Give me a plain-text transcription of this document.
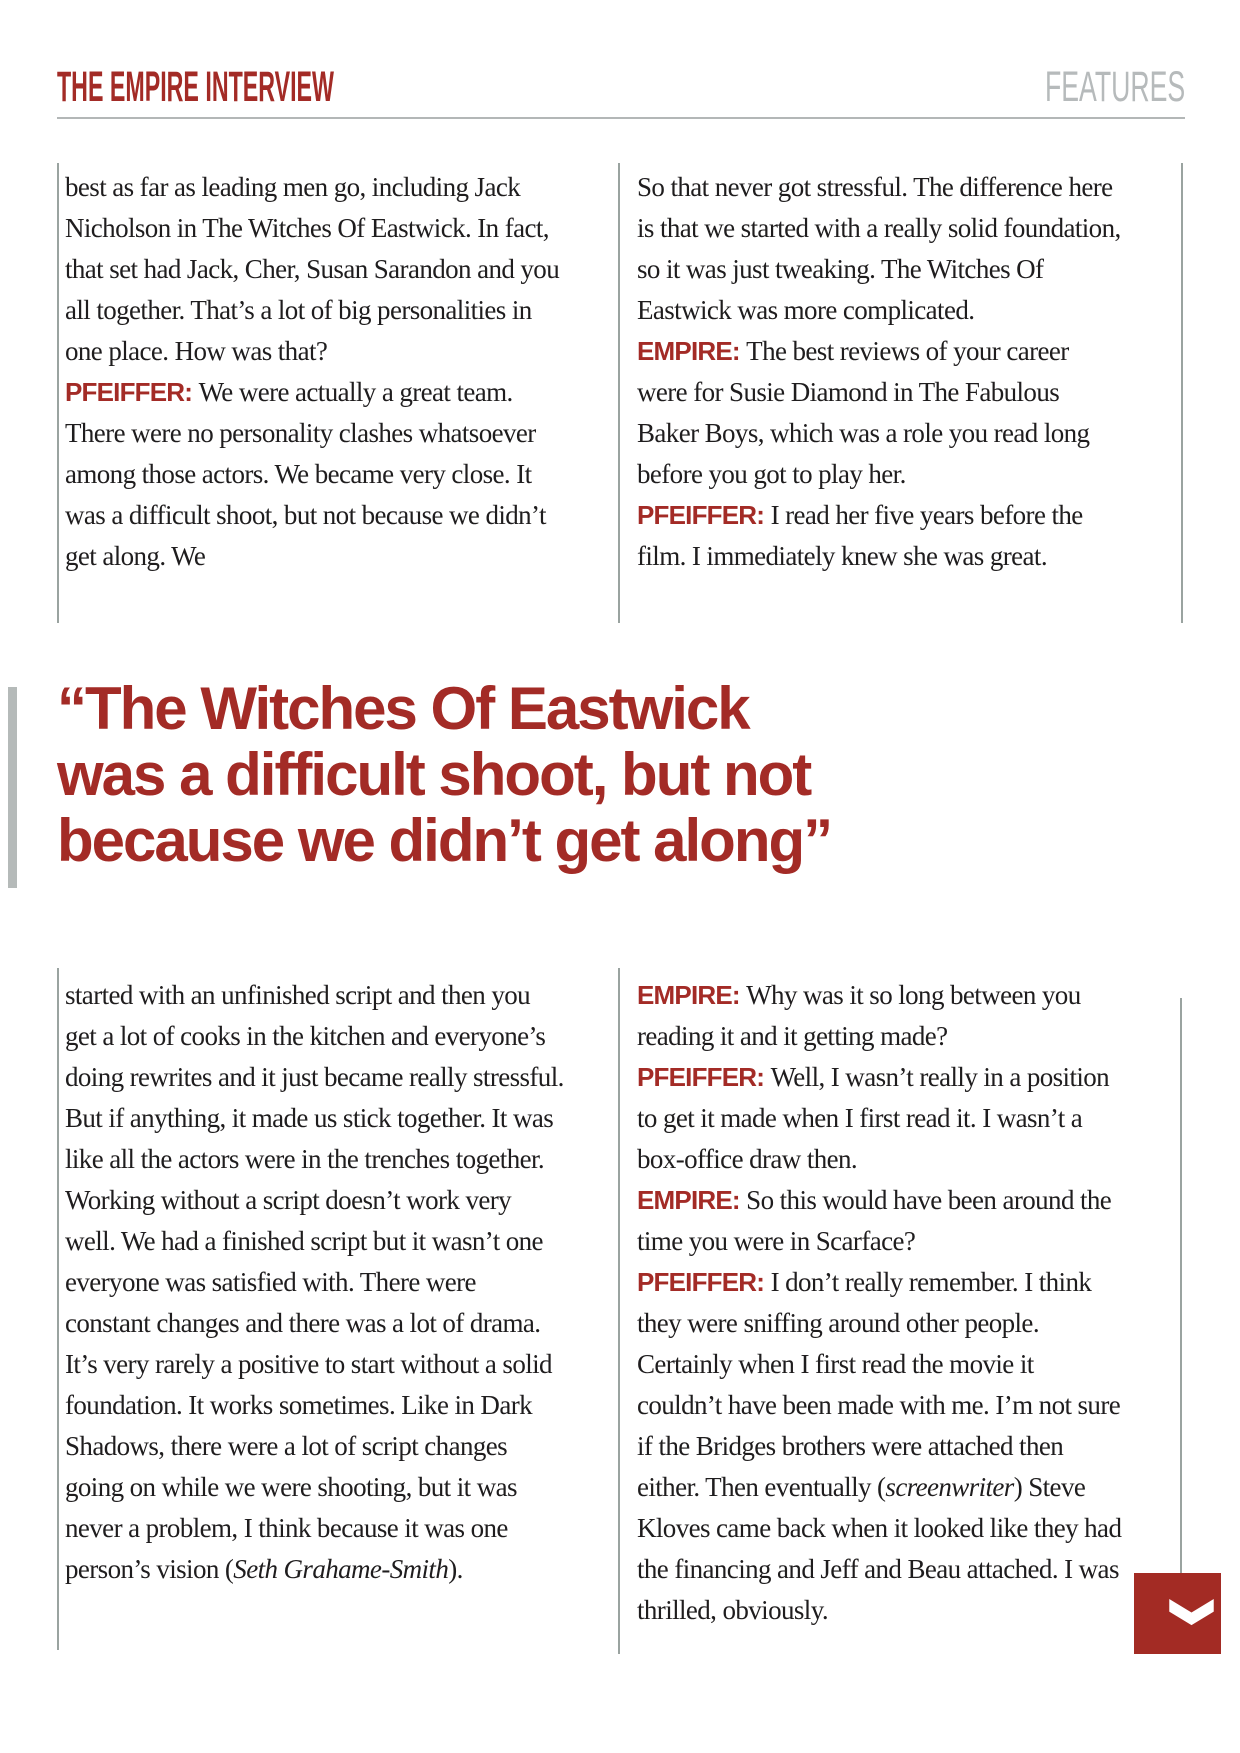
THE EMPIRE INTERVIEW	FEATURES

best as far as leading men go, including Jack Nicholson in The Witches Of Eastwick. In fact, that set had Jack, Cher, Susan Sarandon and you all together. That’s a lot of big personalities in one place. How was that?

PFEIFFER: We were actually a great team. There were no personality clashes whatsoever among those actors. We became very close. It was a difficult shoot, but not because we didn’t get along. We

So that never got stressful. The difference here is that we started with a really solid foundation, so it was just tweaking. The Witches Of Eastwick was more complicated.

EMPIRE: The best reviews of your career were for Susie Diamond in The Fabulous Baker Boys, which was a role you read long before you got to play her.

PFEIFFER: I read her five years before the film. I immediately knew she was great.

“The Witches Of Eastwick
was a difficult shoot, but not
because we didn’t get along”

started with an unfinished script and then you get a lot of cooks in the kitchen and everyone’s doing rewrites and it just became really stressful. But if anything, it made us stick together. It was like all the actors were in the trenches together. Working without a script doesn’t work very well. We had a finished script but it wasn’t one everyone was satisfied with. There were constant changes and there was a lot of drama. It’s very rarely a positive to start without a solid foundation. It works sometimes. Like in Dark Shadows, there were a lot of script changes going on while we were shooting, but it was never a problem, I think because it was one person’s vision (Seth Grahame-Smith).

EMPIRE: Why was it so long between you reading it and it getting made?

PFEIFFER: Well, I wasn’t really in a position to get it made when I first read it. I wasn’t a box-office draw then.

EMPIRE: So this would have been around the time you were in Scarface?

PFEIFFER: I don’t really remember. I think they were sniffing around other people. Certainly when I first read the movie it couldn’t have been made with me. I’m not sure if the Bridges brothers were attached then either. Then eventually (screenwriter) Steve Kloves came back when it looked like they had the financing and Jeff and Beau attached. I was thrilled, obviously.
